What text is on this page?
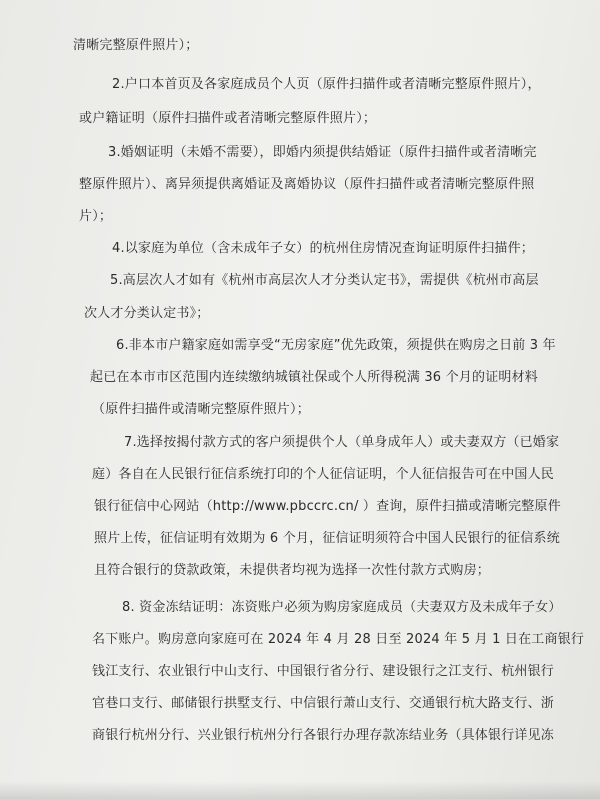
清晰完整原件照片）；
2.户口本首页及各家庭成员个人页（原件扫描件或者清晰完整原件照片），
或户籍证明（原件扫描件或者清晰完整原件照片）；
3.婚姻证明（未婚不需要），即婚内须提供结婚证（原件扫描件或者清晰完
整原件照片）、离异须提供离婚证及离婚协议（原件扫描件或者清晰完整原件照
片）；
4.以家庭为单位（含未成年子女）的杭州住房情况查询证明原件扫描件；
5.高层次人才如有《杭州市高层次人才分类认定书》，需提供《杭州市高层
次人才分类认定书》；
6.非本市户籍家庭如需享受“无房家庭”优先政策，须提供在购房之日前 3 年
起已在本市市区范围内连续缴纳城镇社保或个人所得税满 36 个月的证明材料
（原件扫描件或清晰完整原件照片）；
7.选择按揭付款方式的客户须提供个人（单身成年人）或夫妻双方（已婚家
庭）各自在人民银行征信系统打印的个人征信证明，个人征信报告可在中国人民
银行征信中心网站（http://www.pbccrc.cn/ ）查询，原件扫描或清晰完整原件
照片上传，征信证明有效期为 6 个月，征信证明须符合中国人民银行的征信系统
且符合银行的贷款政策，未提供者均视为选择一次性付款方式购房；
8. 资金冻结证明：冻资账户必须为购房家庭成员（夫妻双方及未成年子女）
名下账户。购房意向家庭可在 2024 年 4 月 28 日至 2024 年 5 月 1 日在工商银行
钱江支行、农业银行中山支行、中国银行省分行、建设银行之江支行、杭州银行
官巷口支行、邮储银行拱墅支行、中信银行萧山支行、交通银行杭大路支行、浙
商银行杭州分行、兴业银行杭州分行各银行办理存款冻结业务（具体银行详见冻
